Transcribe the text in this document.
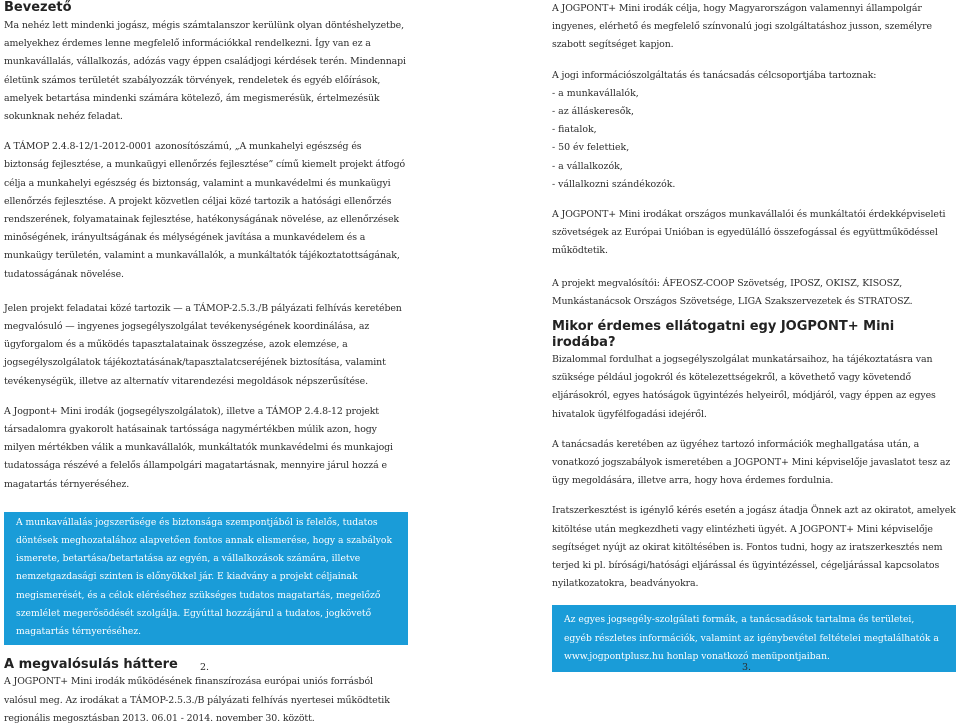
Bevezető

Ma nehéz lett mindenki jogász, mégis számtalanszor kerülünk olyan döntéshelyzetbe, amelyekhez érdemes lenne megfelelő információkkal rendelkezni. Így van ez a munkavállalás, vállalkozás, adózás vagy éppen családjogi kérdések terén. Mindennapi életünk számos területét szabályozzák törvények, rendeletek és egyéb előírások, amelyek betartása mindenki számára kötelező, ám megismerésük, értelmezésük sokunknak nehéz feladat.

A TÁMOP 2.4.8-12/1-2012-0001 azonosítószámú, „A munkahelyi egészség és biztonság fejlesztése, a munkaügyi ellenőrzés fejlesztése” című kiemelt projekt átfogó célja a munkahelyi egészség és biztonság, valamint a munkavédelmi és munkaügyi ellenőrzés fejlesztése. A projekt közvetlen céljai közé tartozik a hatósági ellenőrzés rendszerének, folyamatainak fejlesztése, hatékonyságának növelése, az ellenőrzések minőségének, irányultságának és mélységének javítása a munkavédelem és a munkaügy területén, valamint a munkavállalók, a munkáltatók tájékoztatottságának, tudatosságának növelése.

Jelen projekt feladatai közé tartozik — a TÁMOP-2.5.3./B pályázati felhívás keretében megvalósuló — ingyenes jogsegélyszolgálat tevékenységének koordinálása, az ügyforgalom és a működés tapasztalatainak összegzése, azok elemzése, a jogsegélyszolgálatok tájékoztatásának/tapasztalatcseréjének biztosítása, valamint tevékenységük, illetve az alternatív vitarendezési megoldások népszerűsítése.

A Jogpont+ Mini irodák (jogsegélyszolgálatok), illetve a TÁMOP 2.4.8-12 projekt társadalomra gyakorolt hatásainak tartóssága nagymértékben múlik azon, hogy milyen mértékben válik a munkavállalók, munkáltatók munkavédelmi és munkajogi tudatossága részévé a felelős állampolgári magatartásnak, mennyire járul hozzá e magatartás térnyeréséhez.

A munkavállalás jogszerűsége és biztonsága szempontjából is felelős, tudatos döntések meghozatalához alapvetően fontos annak elismerése, hogy a szabályok ismerete, betartása/betartatása az egyén, a vállalkozások számára, illetve nemzetgazdasági szinten is előnyökkel jár. E kiadvány a projekt céljainak megismerését, és a célok eléréséhez szükséges tudatos magatartás, megelőző szemlélet megerősödését szolgálja. Egyúttal hozzájárul a tudatos, jogkövető magatartás térnyeréséhez.
A megvalósulás háttere

A JOGPONT+ Mini irodák működésének finanszírozása európai uniós forrásból valósul meg. Az irodákat a TÁMOP-2.5.3./B pályázati felhívás nyertesei működtetik regionális megosztásban 2013. 06.01 - 2014. november 30. között.

A JOGPONT+ Mini irodák célja, hogy Magyarországon valamennyi állampolgár ingyenes, elérhető és megfelelő színvonalú jogi szolgáltatáshoz jusson, személyre szabott segítséget kapjon.

A jogi információszolgáltatás és tanácsadás célcsoportjába tartoznak:

- a munkavállalók,
- az álláskeresők,
- fiatalok,
- 50 év felettiek,
- a vállalkozók,
- vállalkozni szándékozók.

A JOGPONT+ Mini irodákat országos munkavállalói és munkáltatói érdekképviseleti szövetségek az Európai Unióban is egyedülálló összefogással és együttműködéssel működtetik.

A projekt megvalósítói: ÁFEOSZ-COOP Szövetség, IPOSZ, OKISZ, KISOSZ, Munkástanácsok Országos Szövetsége, LIGA Szakszervezetek és STRATOSZ.

Mikor érdemes ellátogatni egy JOGPONT+ Mini irodába?

Bizalommal fordulhat a jogsegélyszolgálat munkatársaihoz, ha tájékoztatásra van szüksége például jogokról és kötelezettségekről, a követhető vagy követendő eljárásokról, egyes hatóságok ügyintézés helyeiről, módjáról, vagy éppen az egyes hivatalok ügyfélfogadási idejéről.

A tanácsadás keretében az ügyéhez tartozó információk meghallgatása után, a vonatkozó jogszabályok ismeretében a JOGPONT+ Mini képviselője javaslatot tesz az ügy megoldására, illetve arra, hogy hova érdemes fordulnia.

Iratszerkesztést is igénylő kérés esetén a jogász átadja Önnek azt az okiratot, amelyek kitöltése után megkezdheti vagy elintézheti ügyét. A JOGPONT+ Mini képviselője segítséget nyújt az okirat kitöltésében is. Fontos tudni, hogy az iratszerkesztés nem terjed ki pl. bírósági/hatósági eljárással és ügyintézéssel, cégeljárással kapcsolatos nyilatkozatokra, beadványokra.

Az egyes jogsegély-szolgálati formák, a tanácsadások tartalma és területei, egyéb részletes információk, valamint az igénybevétel feltételei megtalálhatók a www.jogpontplusz.hu honlap vonatkozó menüpontjaiban.
2.	3.
